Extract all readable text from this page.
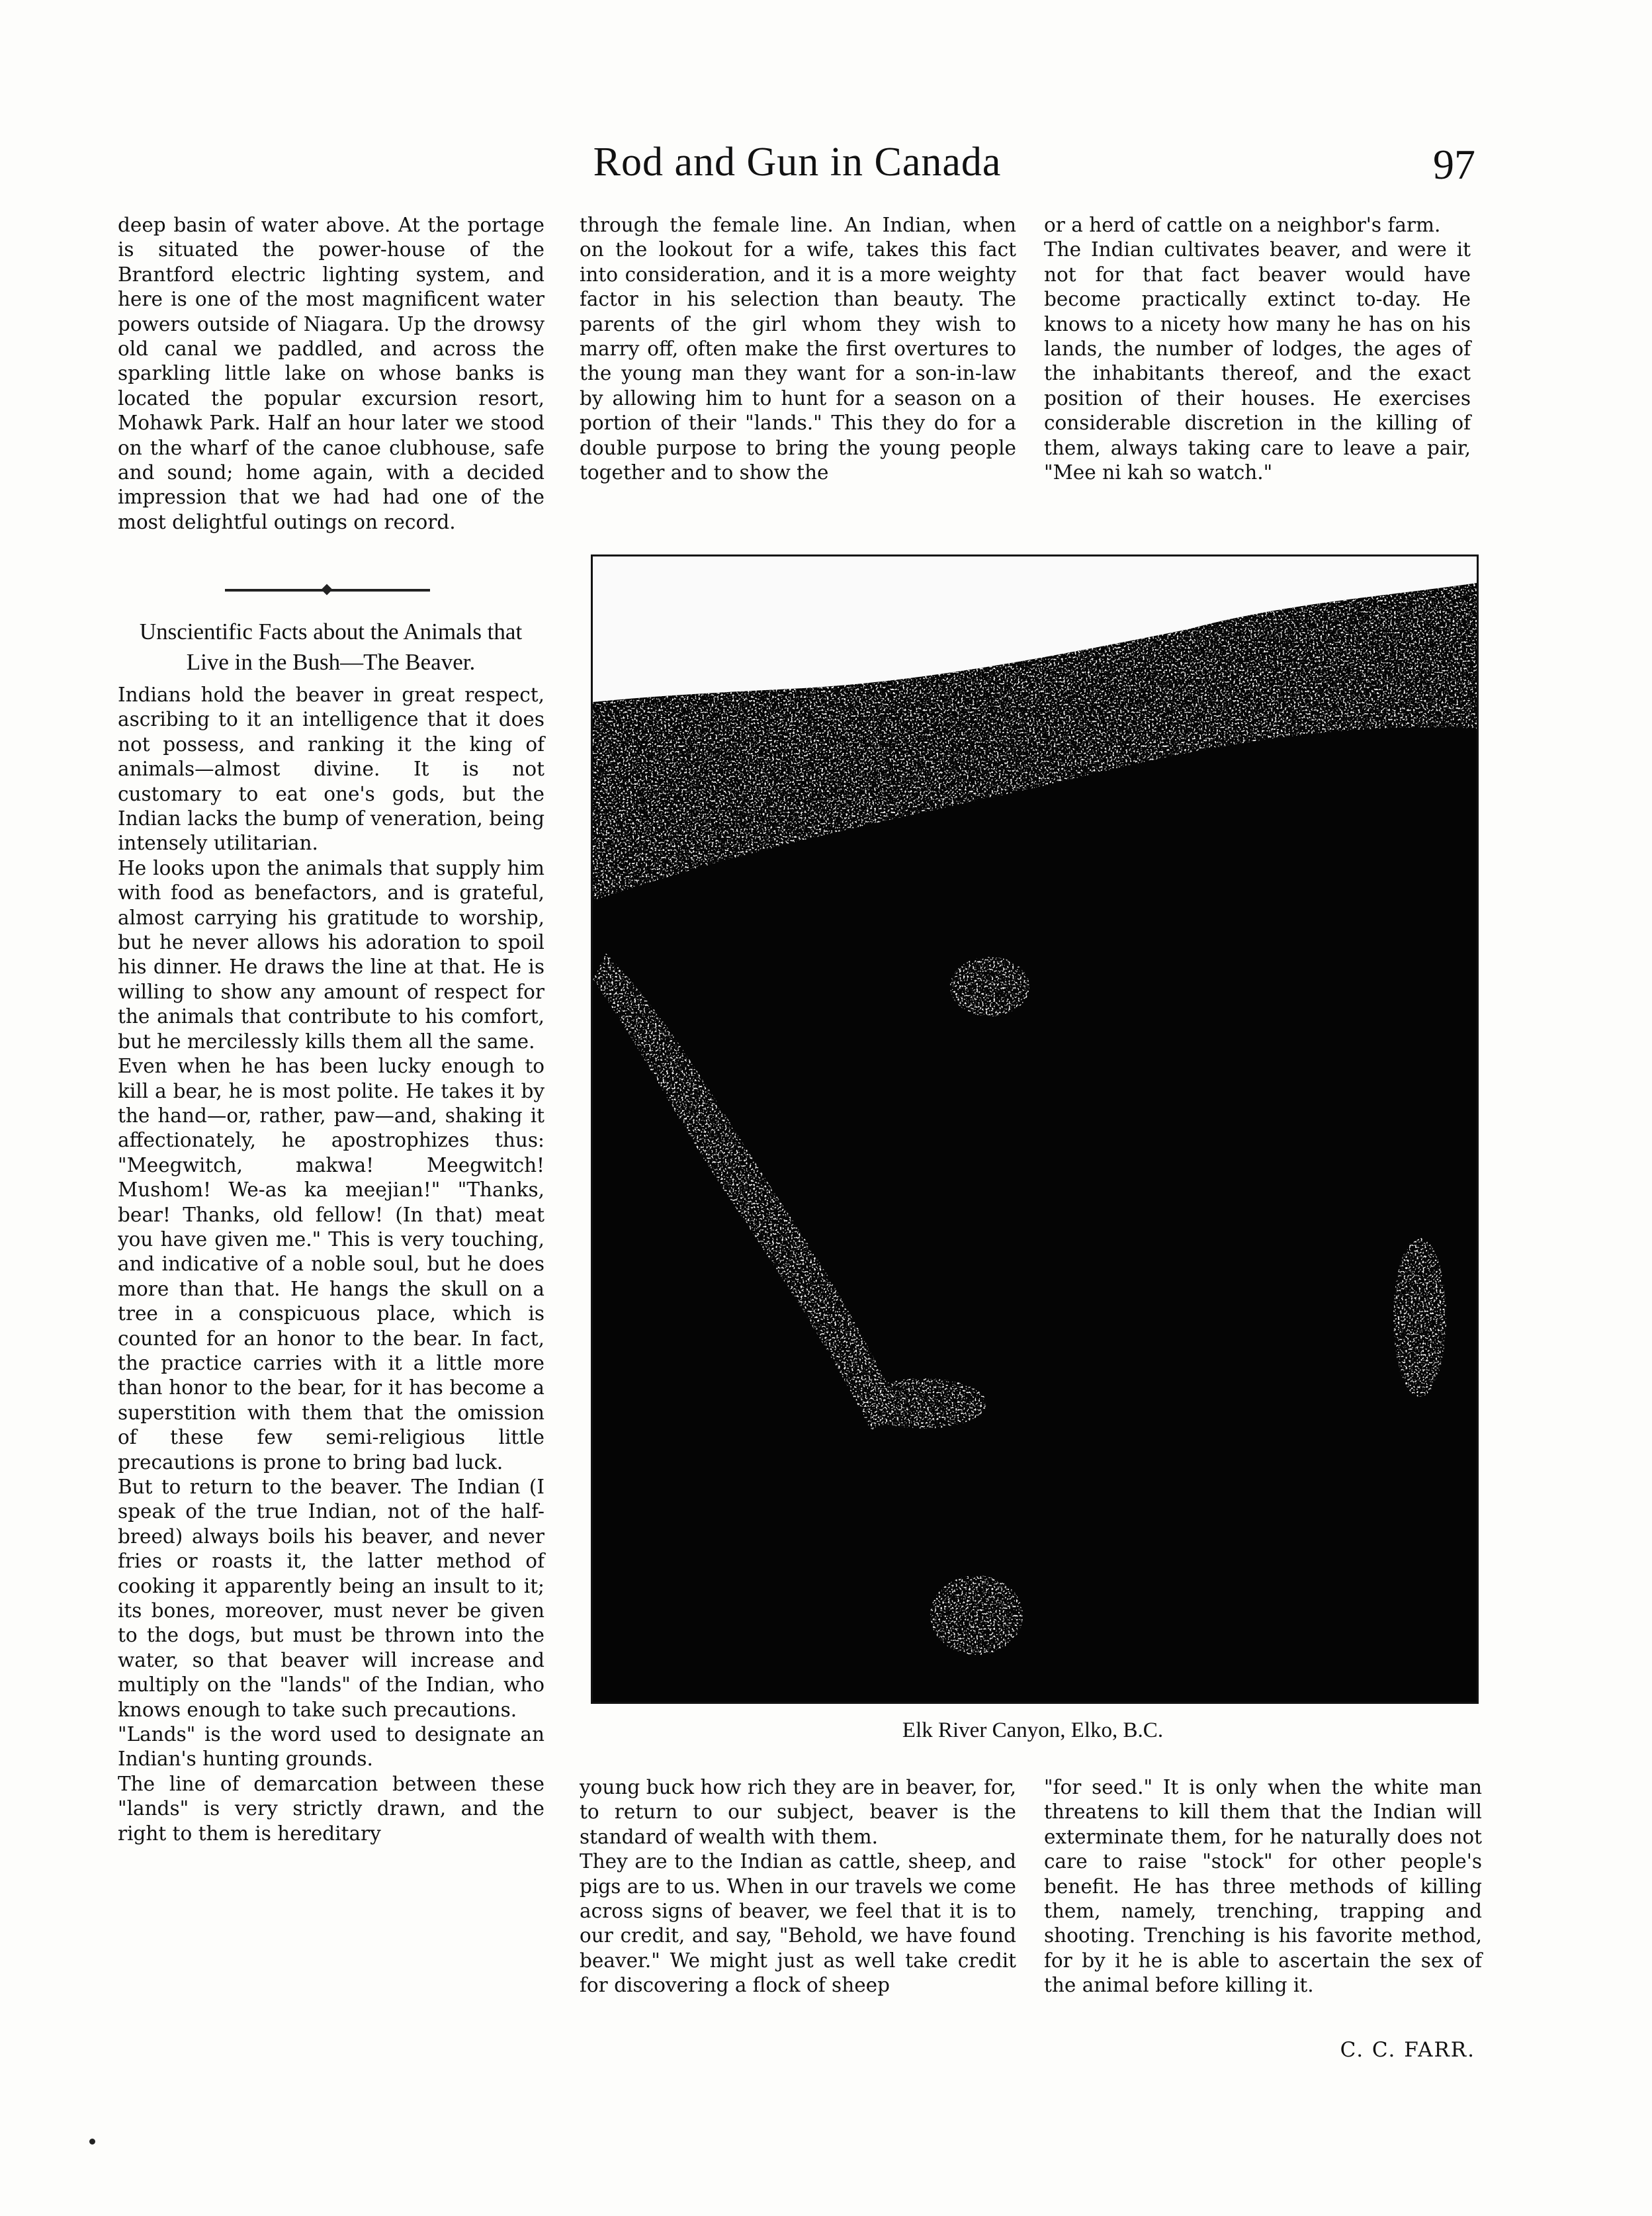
Rod and Gun in Canada	97

deep basin of water above. At the portage is situated the power-house of the Brantford electric lighting system, and here is one of the most magnificent water powers outside of Niagara. Up the drowsy old canal we paddled, and across the sparkling little lake on whose banks is located the popular excursion resort, Mohawk Park. Half an hour later we stood on the wharf of the canoe clubhouse, safe and sound; home again, with a decided impression that we had had one of the most delightful outings on record.

Unscientific Facts about the Animals that
Live in the Bush—The Beaver.

Indians hold the beaver in great respect, ascribing to it an intelligence that it does not possess, and ranking it the king of animals—almost divine. It is not customary to eat one's gods, but the Indian lacks the bump of veneration, being intensely utilitarian.

He looks upon the animals that supply him with food as benefactors, and is grateful, almost carrying his gratitude to worship, but he never allows his adoration to spoil his dinner. He draws the line at that. He is willing to show any amount of respect for the animals that contribute to his comfort, but he mercilessly kills them all the same.

Even when he has been lucky enough to kill a bear, he is most polite. He takes it by the hand—or, rather, paw—and, shaking it affectionately, he apostrophizes thus: "Meegwitch, makwa! Meegwitch! Mushom! We-as ka meejian!" "Thanks, bear! Thanks, old fellow! (In that) meat you have given me." This is very touching, and indicative of a noble soul, but he does more than that. He hangs the skull on a tree in a conspicuous place, which is counted for an honor to the bear. In fact, the practice carries with it a little more than honor to the bear, for it has become a superstition with them that the omission of these few semi-religious little precautions is prone to bring bad luck.

But to return to the beaver. The Indian (I speak of the true Indian, not of the half-breed) always boils his beaver, and never fries or roasts it, the latter method of cooking it apparently being an insult to it; its bones, moreover, must never be given to the dogs, but must be thrown into the water, so that beaver will increase and multiply on the "lands" of the Indian, who knows enough to take such precautions.

"Lands" is the word used to designate an Indian's hunting grounds.

The line of demarcation between these "lands" is very strictly drawn, and the right to them is hereditary

through the female line. An Indian, when on the lookout for a wife, takes this fact into consideration, and it is a more weighty factor in his selection than beauty. The parents of the girl whom they wish to marry off, often make the first overtures to the young man they want for a son-in-law by allowing him to hunt for a season on a portion of their "lands." This they do for a double purpose to bring the young people together and to show the

or a herd of cattle on a neighbor's farm.

The Indian cultivates beaver, and were it not for that fact beaver would have become practically extinct to-day. He knows to a nicety how many he has on his lands, the number of lodges, the ages of the inhabitants thereof, and the exact position of their houses. He exercises considerable discretion in the killing of them, always taking care to leave a pair, "Mee ni kah so watch."

Elk River Canyon, Elko, B.C.

young buck how rich they are in beaver, for, to return to our subject, beaver is the standard of wealth with them.

They are to the Indian as cattle, sheep, and pigs are to us. When in our travels we come across signs of beaver, we feel that it is to our credit, and say, "Behold, we have found beaver." We might just as well take credit for discovering a flock of sheep

"for seed." It is only when the white man threatens to kill them that the Indian will exterminate them, for he naturally does not care to raise "stock" for other people's benefit. He has three methods of killing them, namely, trenching, trapping and shooting. Trenching is his favorite method, for by it he is able to ascertain the sex of the animal before killing it.

C. C. FARR.
